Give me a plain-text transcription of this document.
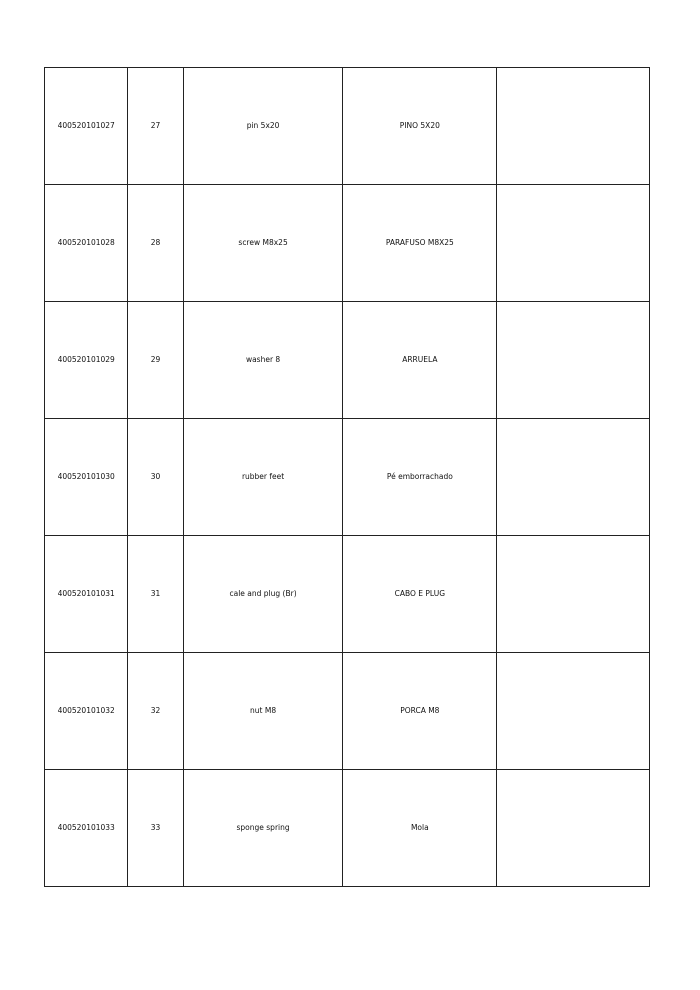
400520101027	27	pin 5x20	PINO 5X20	
400520101028	28	screw M8x25	PARAFUSO M8X25	
400520101029	29	washer 8	ARRUELA	
400520101030	30	rubber feet	Pé emborrachado	
400520101031	31	cale and plug (Br)	CABO E PLUG	
400520101032	32	nut M8	PORCA M8	
400520101033	33	sponge spring	Mola	
